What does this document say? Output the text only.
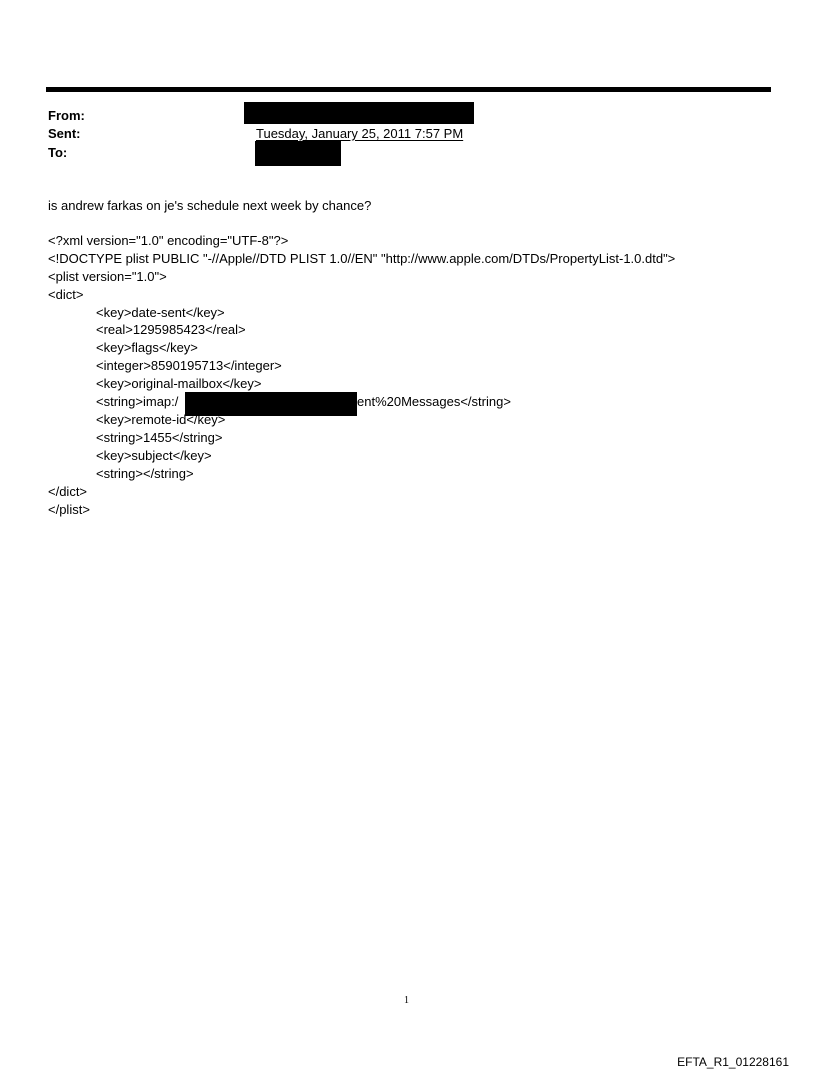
From:
Sent:	Tuesday, January 25, 2011 7:57 PM
To:
is andrew farkas on je's schedule next week by chance?
<?xml version="1.0" encoding="UTF-8"?>
<!DOCTYPE plist PUBLIC "-//Apple//DTD PLIST 1.0//EN" "http://www.apple.com/DTDs/PropertyList-1.0.dtd">
<plist version="1.0">
<dict>
<key>date-sent</key>
<real>1295985423</real>
<key>flags</key>
<integer>8590195713</integer>
<key>original-mailbox</key>
<string>imap:/	ent%20Messages</string>
<key>remote-id</key>
<string>1455</string>
<key>subject</key>
<string></string>
</dict>
</plist>
1
EFTA_R1_01228161
